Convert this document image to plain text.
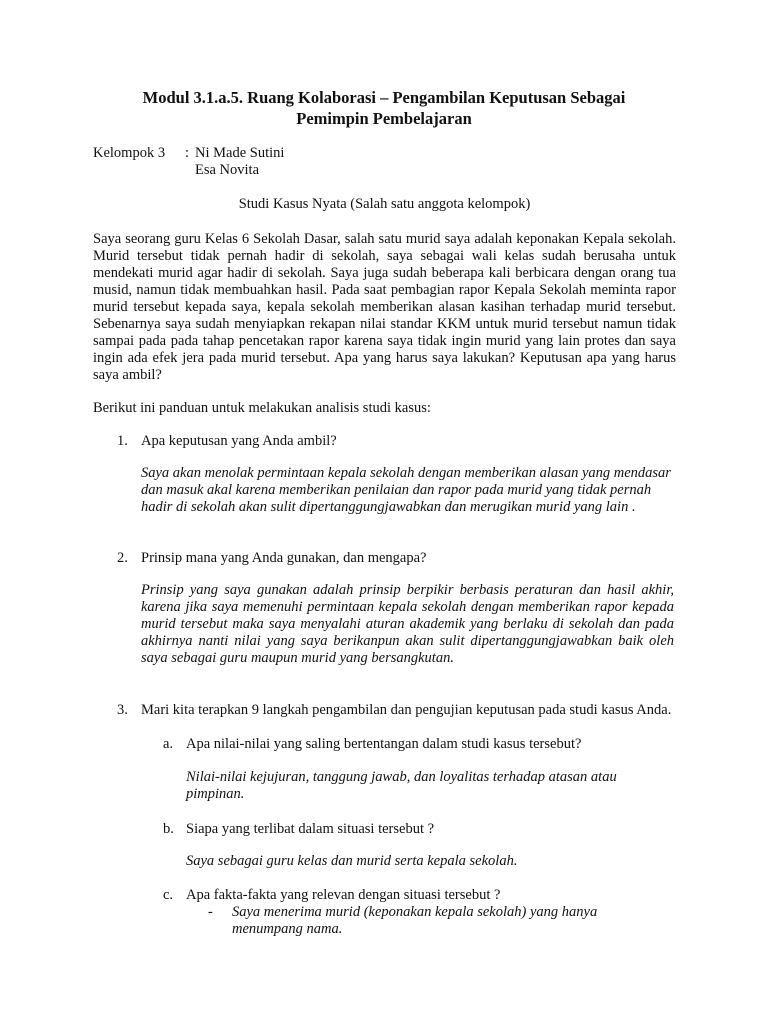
Modul 3.1.a.5. Ruang Kolaborasi – Pengambilan Keputusan Sebagai
Pemimpin Pembelajaran
Kelompok 3 : Ni Made Sutini
Esa Novita
Studi Kasus Nyata (Salah satu anggota kelompok)

Saya seorang guru Kelas 6 Sekolah Dasar, salah satu murid saya adalah keponakan Kepala sekolah. Murid tersebut tidak pernah hadir di sekolah, saya sebagai wali kelas sudah berusaha untuk mendekati murid agar hadir di sekolah. Saya juga sudah beberapa kali berbicara dengan orang tua musid, namun tidak membuahkan hasil. Pada saat pembagian rapor Kepala Sekolah meminta rapor murid tersebut kepada saya, kepala sekolah memberikan alasan kasihan terhadap murid tersebut. Sebenarnya saya sudah menyiapkan rekapan nilai standar KKM untuk murid tersebut namun tidak sampai pada pada tahap pencetakan rapor karena saya tidak ingin murid yang lain protes dan saya ingin ada efek jera pada murid tersebut. Apa yang harus saya lakukan? Keputusan apa yang harus saya ambil?

Berikut ini panduan untuk melakukan analisis studi kasus:
1. Apa keputusan yang Anda ambil?

Saya akan menolak permintaan kepala sekolah dengan memberikan alasan yang mendasar dan masuk akal karena memberikan penilaian dan rapor pada murid yang tidak pernah hadir di sekolah akan sulit dipertanggungjawabkan dan merugikan murid yang lain .

2. Prinsip mana yang Anda gunakan, dan mengapa?

Prinsip yang saya gunakan adalah prinsip berpikir berbasis peraturan dan hasil akhir, karena jika saya memenuhi permintaan kepala sekolah dengan memberikan rapor kepada murid tersebut maka saya menyalahi aturan akademik yang berlaku di sekolah dan pada akhirnya nanti nilai yang saya berikanpun akan sulit dipertanggungjawabkan baik oleh saya sebagai guru maupun murid yang bersangkutan.

3. Mari kita terapkan 9 langkah pengambilan dan pengujian keputusan pada studi kasus Anda.

a. Apa nilai-nilai yang saling bertentangan dalam studi kasus tersebut?

Nilai-nilai kejujuran, tanggung jawab, dan loyalitas terhadap atasan atau pimpinan.

b. Siapa yang terlibat dalam situasi tersebut ?
Saya sebagai guru kelas dan murid serta kepala sekolah.
c. Apa fakta-fakta yang relevan dengan situasi tersebut ?
- Saya menerima murid (keponakan kepala sekolah) yang hanya menumpang nama.
